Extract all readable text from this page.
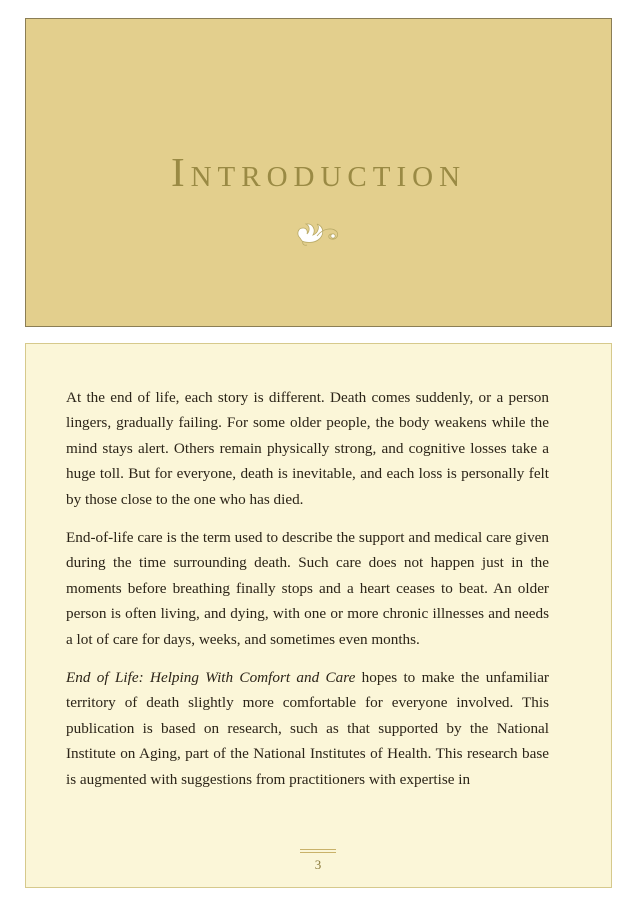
Introduction

At the end of life, each story is different. Death comes suddenly, or a person lingers, gradually failing. For some older people, the body weakens while the mind stays alert. Others remain physically strong, and cognitive losses take a huge toll. But for everyone, death is inevitable, and each loss is personally felt by those close to the one who has died.

End-of-life care is the term used to describe the support and medical care given during the time surrounding death. Such care does not happen just in the moments before breathing finally stops and a heart ceases to beat. An older person is often living, and dying, with one or more chronic illnesses and needs a lot of care for days, weeks, and sometimes even months.

End of Life: Helping With Comfort and Care hopes to make the unfamiliar territory of death slightly more comfortable for everyone involved. This publication is based on research, such as that supported by the National Institute on Aging, part of the National Institutes of Health. This research base is augmented with suggestions from practitioners with expertise in

3
